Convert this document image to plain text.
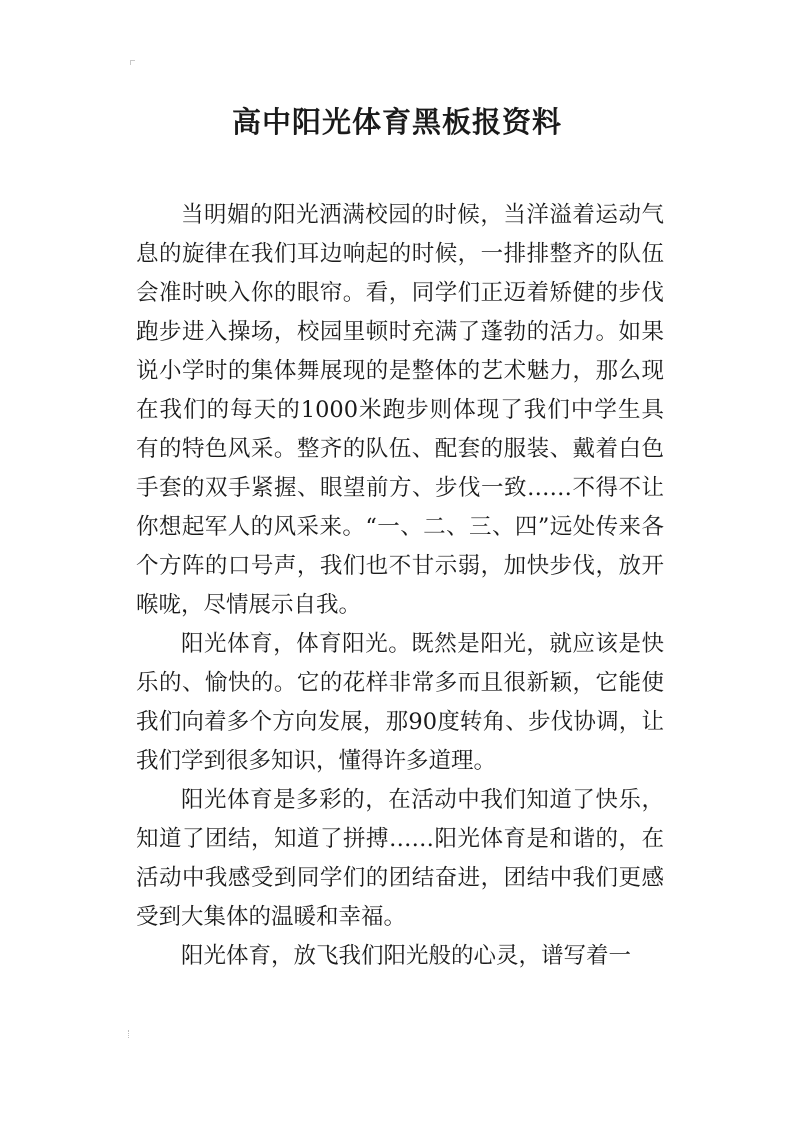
高中阳光体育黑板报资料

当明媚的阳光洒满校园的时候，当洋溢着运动气息的旋律在我们耳边响起的时候，一排排整齐的队伍会准时映入你的眼帘。看，同学们正迈着矫健的步伐跑步进入操场，校园里顿时充满了蓬勃的活力。如果说小学时的集体舞展现的是整体的艺术魅力，那么现在我们的每天的1000米跑步则体现了我们中学生具有的特色风采。整齐的队伍、配套的服装、戴着白色手套的双手紧握、眼望前方、步伐一致……不得不让你想起军人的风采来。“一、二、三、四”远处传来各个方阵的口号声，我们也不甘示弱，加快步伐，放开喉咙，尽情展示自我。

阳光体育，体育阳光。既然是阳光，就应该是快乐的、愉快的。它的花样非常多而且很新颖，它能使我们向着多个方向发展，那90度转角、步伐协调，让我们学到很多知识，懂得许多道理。

阳光体育是多彩的，在活动中我们知道了快乐，知道了团结，知道了拼搏……阳光体育是和谐的，在活动中我感受到同学们的团结奋进，团结中我们更感受到大集体的温暖和幸福。

阳光体育，放飞我们阳光般的心灵，谱写着一
